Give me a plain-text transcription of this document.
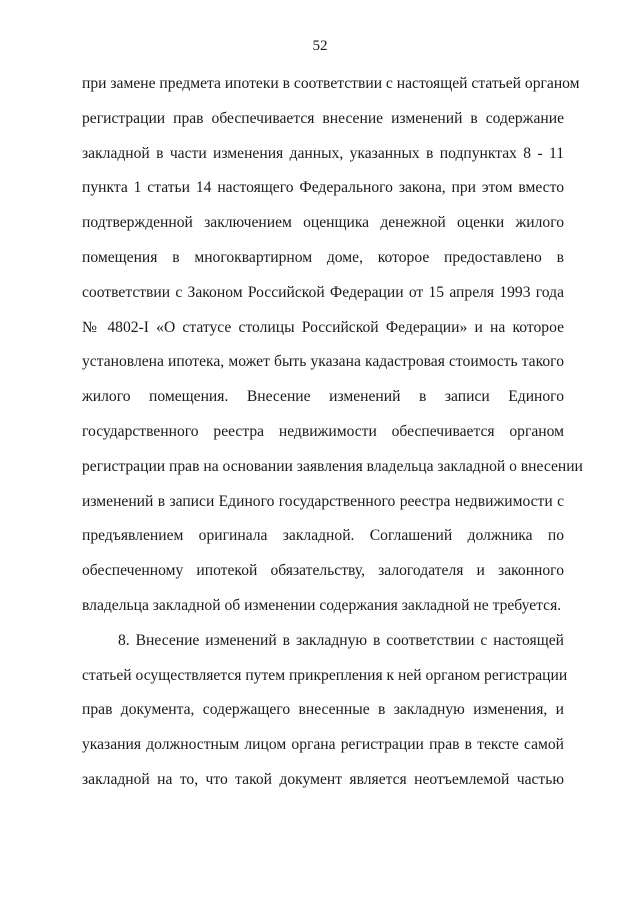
52
при замене предмета ипотеки в соответствии с настоящей статьей органом
регистрации прав обеспечивается внесение изменений в содержание
закладной в части изменения данных, указанных в подпунктах 8 - 11
пункта 1 статьи 14 настоящего Федерального закона, при этом вместо
подтвержденной заключением оценщика денежной оценки жилого
помещения в многоквартирном доме, которое предоставлено в
соответствии с Законом Российской Федерации от 15 апреля 1993 года
№ 4802-I «О статусе столицы Российской Федерации» и на которое
установлена ипотека, может быть указана кадастровая стоимость такого
жилого помещения. Внесение изменений в записи Единого
государственного реестра недвижимости обеспечивается органом
регистрации прав на основании заявления владельца закладной о внесении
изменений в записи Единого государственного реестра недвижимости с
предъявлением оригинала закладной. Соглашений должника по
обеспеченному ипотекой обязательству, залогодателя и законного
владельца закладной об изменении содержания закладной не требуется.
8. Внесение изменений в закладную в соответствии с настоящей
статьей осуществляется путем прикрепления к ней органом регистрации
прав документа, содержащего внесенные в закладную изменения, и
указания должностным лицом органа регистрации прав в тексте самой
закладной на то, что такой документ является неотъемлемой частью
